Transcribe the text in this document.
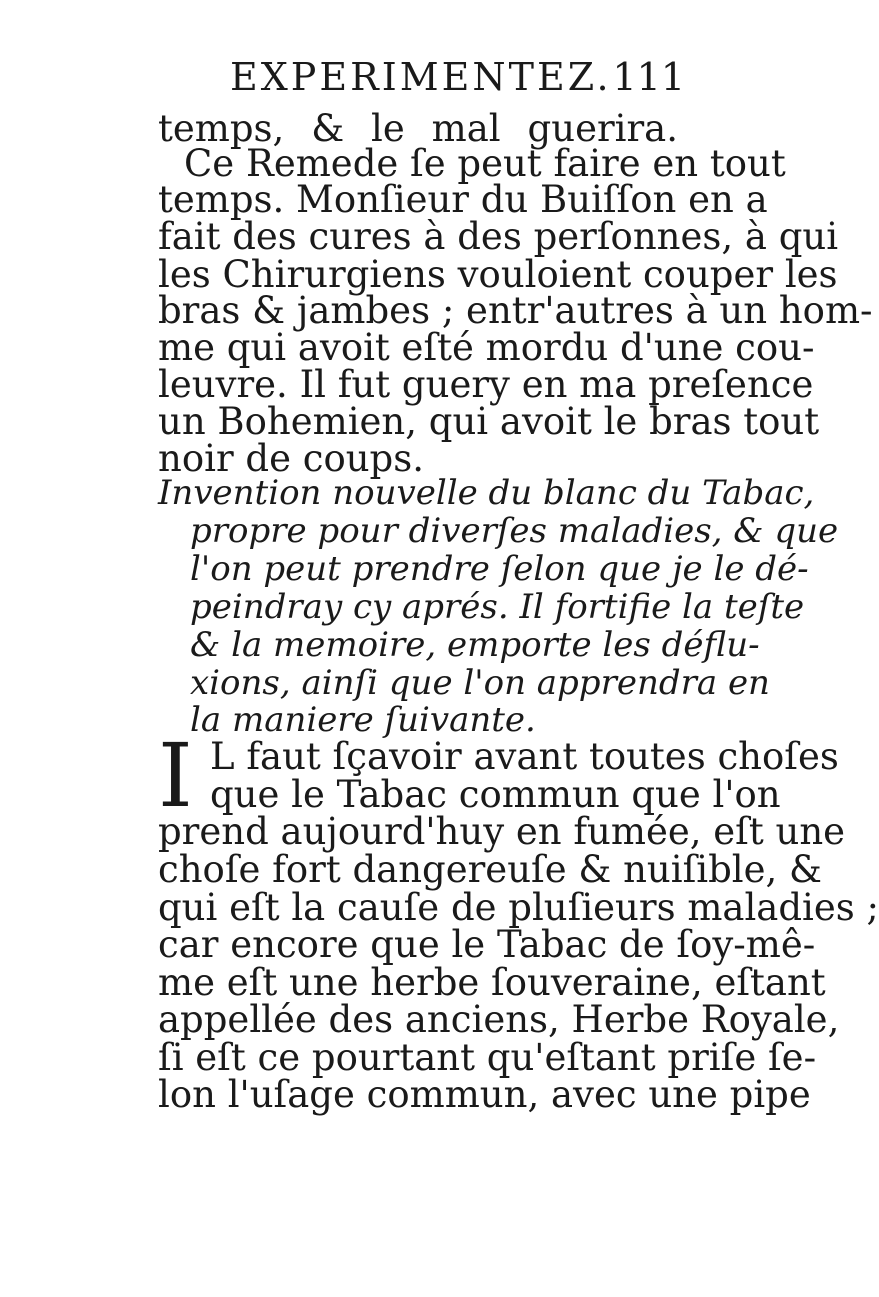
EXPERIMENTEZ. 111
temps, & le mal guerira.
Ce Remede ſe peut faire en tout
temps. Monſieur du Buiſſon en a
fait des cures à des perſonnes, à qui
les Chirurgiens vouloient couper les
bras & jambes ; entr'autres à un hom-
me qui avoit eſté mordu d'une cou-
leuvre. Il fut guery en ma preſence
un Bohemien, qui avoit le bras tout
noir de coups.
Invention nouvelle du blanc du Tabac,
propre pour diverſes maladies, & que
l'on peut prendre ſelon que je le dé-
peindray cy aprés. Il fortifie la teſte
& la memoire, emporte les déflu-
xions, ainſi que l'on apprendra en
la maniere ſuivante.
I L faut ſçavoir avant toutes choſes
que le Tabac commun que l'on
prend aujourd'huy en fumée, eſt une
choſe fort dangereuſe & nuiſible, &
qui eſt la cauſe de pluſieurs maladies ;
car encore que le Tabac de ſoy-mê-
me eſt une herbe ſouveraine, eſtant
appellée des anciens, Herbe Royale,
ſi eſt ce pourtant qu'eſtant priſe ſe-
lon l'uſage commun, avec une pipe
